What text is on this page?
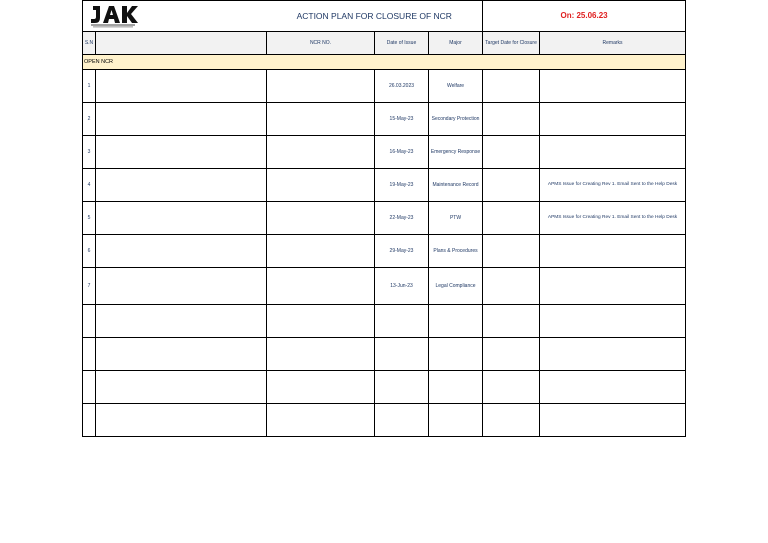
	ACTION PLAN FOR CLOSURE OF NCR			On: 25.06.23	
S.N		NCR NO.	Date of Issue	Major	Target Date for Closure	Remarks
OPEN NCR						
1			26.03.2023	Welfare		
2			15-May-23	Secondary Protection		
3			16-May-23	Emergency Response		
4			19-May-23	Maintenance Record		APMS Issue for Creating Rev 1. Email Sent to the Help Desk
5			22-May-23	PTW		APMS Issue for Creating Rev 1. Email Sent to the Help Desk
6			29-May-23	Plans & Procedures		
7			13-Jun-23	Legal Compliance		
